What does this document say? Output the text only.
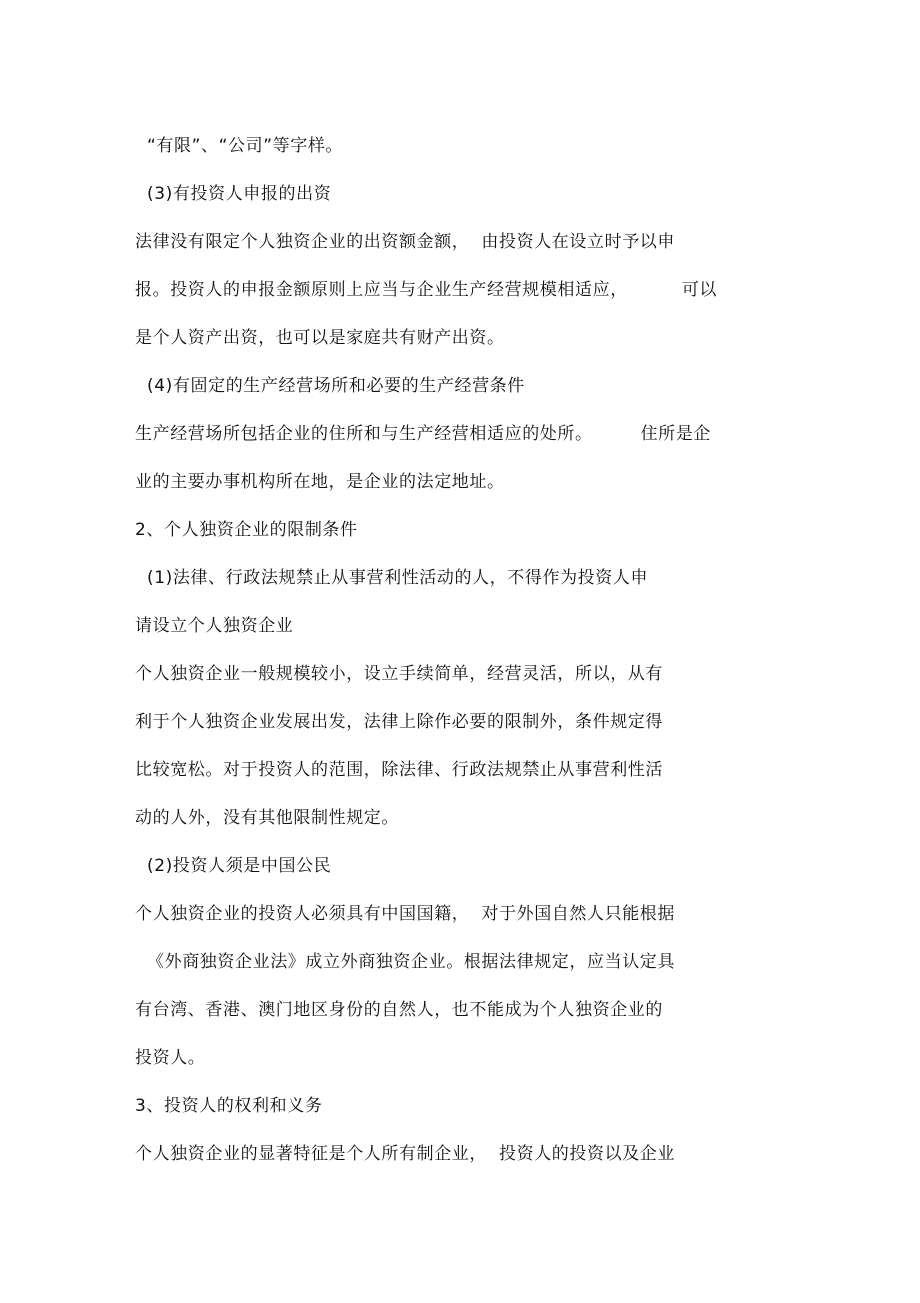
“有限”、“公司”等字样。
(3)有投资人申报的出资
法律没有限定个人独资企业的出资额金额，  由投资人在设立时予以申
报。投资人的申报金额原则上应当与企业生产经营规模相适应，         可以
是个人资产出资，也可以是家庭共有财产出资。
(4)有固定的生产经营场所和必要的生产经营条件
生产经营场所包括企业的住所和与生产经营相适应的处所。        住所是企
业的主要办事机构所在地，是企业的法定地址。
2、个人独资企业的限制条件
(1)法律、行政法规禁止从事营利性活动的人，不得作为投资人申
请设立个人独资企业
个人独资企业一般规模较小，设立手续简单，经营灵活，所以，从有
利于个人独资企业发展出发，法律上除作必要的限制外，条件规定得
比较宽松。对于投资人的范围，除法律、行政法规禁止从事营利性活
动的人外，没有其他限制性规定。
(2)投资人须是中国公民
个人独资企业的投资人必须具有中国国籍，  对于外国自然人只能根据
《外商独资企业法》成立外商独资企业。根据法律规定，应当认定具
有台湾、香港、澳门地区身份的自然人，也不能成为个人独资企业的
投资人。
3、投资人的权利和义务
个人独资企业的显著特征是个人所有制企业，  投资人的投资以及企业
